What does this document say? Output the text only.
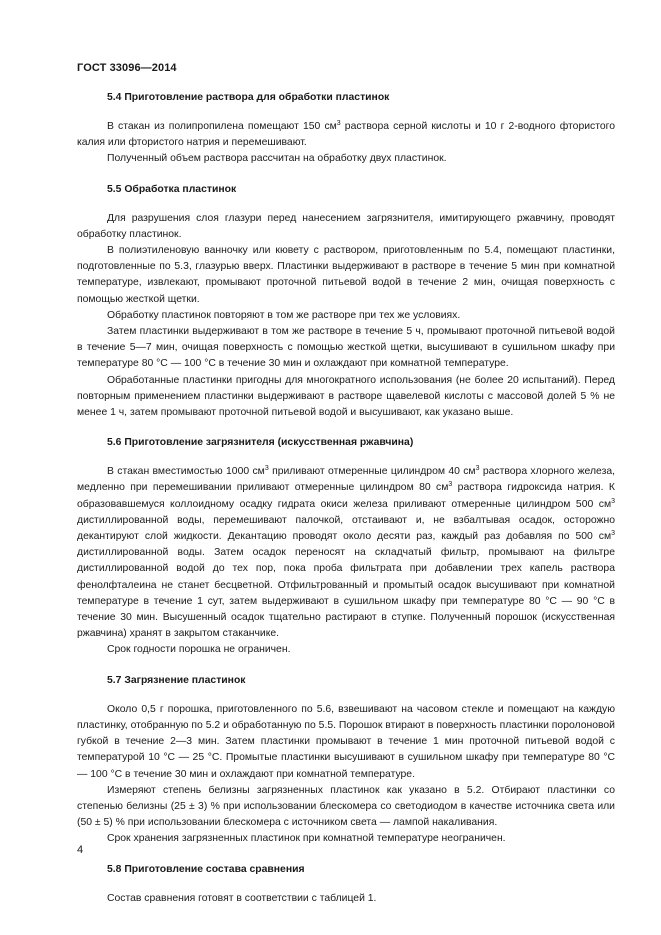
ГОСТ 33096—2014
5.4 Приготовление раствора для обработки пластинок

В стакан из полипропилена помещают 150 $см^3$ раствора серной кислоты и 10 г 2-водного фтористого калия или фтористого натрия и перемешивают.

Полученный объем раствора рассчитан на обработку двух пластинок.

5.5 Обработка пластинок

Для разрушения слоя глазури перед нанесением загрязнителя, имитирующего ржавчину, проводят обработку пластинок.

В полиэтиленовую ванночку или кювету с раствором, приготовленным по 5.4, помещают пластинки, подготовленные по 5.3, глазурью вверх. Пластинки выдерживают в растворе в течение 5 мин при комнатной температуре, извлекают, промывают проточной питьевой водой в течение 2 мин, очищая поверхность с помощью жесткой щетки.

Обработку пластинок повторяют в том же растворе при тех же условиях.

Затем пластинки выдерживают в том же растворе в течение 5 ч, промывают проточной питьевой водой в течение 5—7 мин, очищая поверхность с помощью жесткой щетки, высушивают в сушильном шкафу при температуре 80 °С — 100 °С в течение 30 мин и охлаждают при комнатной температуре.

Обработанные пластинки пригодны для многократного использования (не более 20 испытаний). Перед повторным применением пластинки выдерживают в растворе щавелевой кислоты с массовой долей 5 % не менее 1 ч, затем промывают проточной питьевой водой и высушивают, как указано выше.

5.6 Приготовление загрязнителя (искусственная ржавчина)

В стакан вместимостью 1000 $см^3$ приливают отмеренные цилиндром 40 $см^3$ раствора хлорного железа, медленно при перемешивании приливают отмеренные цилиндром 80 $см^3$ раствора гидроксида натрия. К образовавшемуся коллоидному осадку гидрата окиси железа приливают отмеренные цилиндром 500 $см^3$ дистиллированной воды, перемешивают палочкой, отстаивают и, не взбалтывая осадок, осторожно декантируют слой жидкости. Декантацию проводят около десяти раз, каждый раз добавляя по 500 $см^3$ дистиллированной воды. Затем осадок переносят на складчатый фильтр, промывают на фильтре дистиллированной водой до тех пор, пока проба фильтрата при добавлении трех капель раствора фенолфталеина не станет бесцветной. Отфильтрованный и промытый осадок высушивают при комнатной температуре в течение 1 сут, затем выдерживают в сушильном шкафу при температуре 80 °С — 90 °С в течение 30 мин. Высушенный осадок тщательно растирают в ступке. Полученный порошок (искусственная ржавчина) хранят в закрытом стаканчике.

Срок годности порошка не ограничен.

5.7 Загрязнение пластинок

Около 0,5 г порошка, приготовленного по 5.6, взвешивают на часовом стекле и помещают на каждую пластинку, отобранную по 5.2 и обработанную по 5.5. Порошок втирают в поверхность пластинки поролоновой губкой в течение 2—3 мин. Затем пластинки промывают в течение 1 мин проточной питьевой водой с температурой 10 °С — 25 °С. Промытые пластинки высушивают в сушильном шкафу при температуре 80 °С — 100 °С в течение 30 мин и охлаждают при комнатной температуре.

Измеряют степень белизны загрязненных пластинок как указано в 5.2. Отбирают пластинки со степенью белизны (25 ± 3) % при использовании блескомера со светодиодом в качестве источника света или (50 ± 5) % при использовании блескомера с источником света — лампой накаливания.

Срок хранения загрязненных пластинок при комнатной температуре неограничен.

5.8 Приготовление состава сравнения

Состав сравнения готовят в соответствии с таблицей 1.

4
